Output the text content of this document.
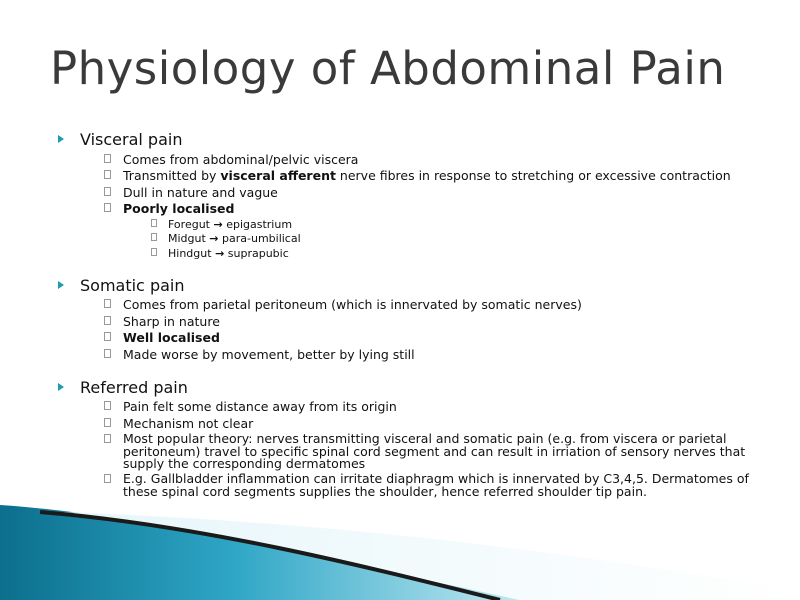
Physiology of Abdominal Pain
Visceral pain
Comes from abdominal/pelvic viscera
Transmitted by visceral afferent nerve fibres in response to stretching or excessive contraction
Dull in nature and vague
Poorly localised
Foregut → epigastrium
Midgut → para-umbilical
Hindgut → suprapubic
Somatic pain
Comes from parietal peritoneum (which is innervated by somatic nerves)
Sharp in nature
Well localised
Made worse by movement, better by lying still
Referred pain
Pain felt some distance away from its origin
Mechanism not clear
Most popular theory: nerves transmitting visceral and somatic pain (e.g. from viscera or parietal peritoneum) travel to specific spinal cord segment and can result in irriation of sensory nerves that supply the corresponding dermatomes
E.g. Gallbladder inflammation can irritate diaphragm which is innervated by C3,4,5. Dermatomes of these spinal cord segments supplies the shoulder, hence referred shoulder tip pain.
